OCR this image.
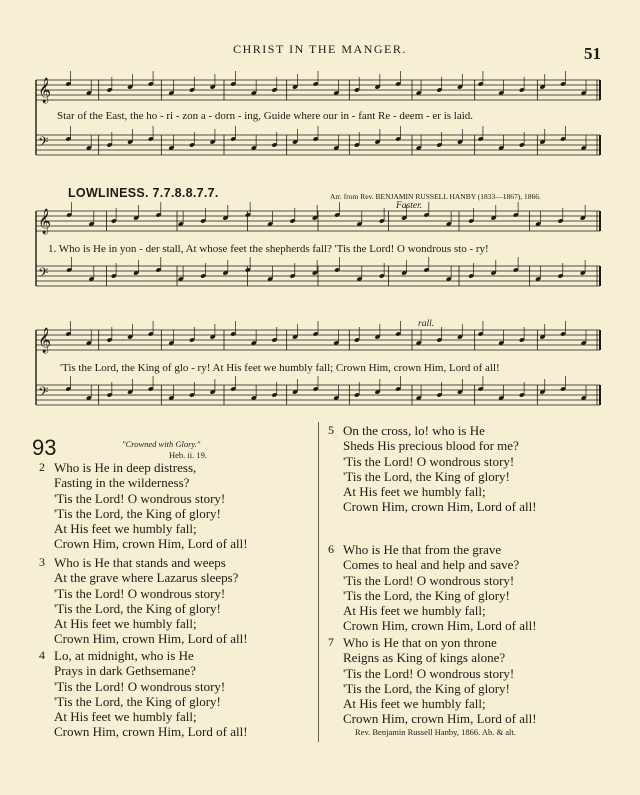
CHRIST IN THE MANGER.	51
𝄞
𝄢
𝄞
𝄢
𝄞
𝄢
Star of the East, the ho - ri - zon a - dorn - ing, Guide where our in - fant Re - deem - er is laid.
LOWLINESS. 7.7.8.8.7.7.	Arr. from Rev. BENJAMIN RUSSELL HANBY (1833—1867), 1866.
Faster.
1. Who is He in yon - der stall, At whose feet the shepherds fall? 'Tis the Lord! O wondrous sto - ry!
rall.
'Tis the Lord, the King of glo - ry! At His feet we humbly fall; Crown Him, crown Him, Lord of all!
93	"Crowned with Glory."
Heb. ii. 19.
2 Who is He in deep distress,
Fasting in the wilderness?
'Tis the Lord! O wondrous story!
'Tis the Lord, the King of glory!
At His feet we humbly fall;
Crown Him, crown Him, Lord of all!
3 Who is He that stands and weeps
At the grave where Lazarus sleeps?
'Tis the Lord! O wondrous story!
'Tis the Lord, the King of glory!
At His feet we humbly fall;
Crown Him, crown Him, Lord of all!
4 Lo, at midnight, who is He
Prays in dark Gethsemane?
'Tis the Lord! O wondrous story!
'Tis the Lord, the King of glory!
At His feet we humbly fall;
Crown Him, crown Him, Lord of all!
5 On the cross, lo! who is He
Sheds His precious blood for me?
'Tis the Lord! O wondrous story!
'Tis the Lord, the King of glory!
At His feet we humbly fall;
Crown Him, crown Him, Lord of all!
6 Who is He that from the grave
Comes to heal and help and save?
'Tis the Lord! O wondrous story!
'Tis the Lord, the King of glory!
At His feet we humbly fall;
Crown Him, crown Him, Lord of all!
7 Who is He that on yon throne
Reigns as King of kings alone?
'Tis the Lord! O wondrous story!
'Tis the Lord, the King of glory!
At His feet we humbly fall;
Crown Him, crown Him, Lord of all!
Rev. Benjamin Russell Hanby, 1866. Ab. & alt.
